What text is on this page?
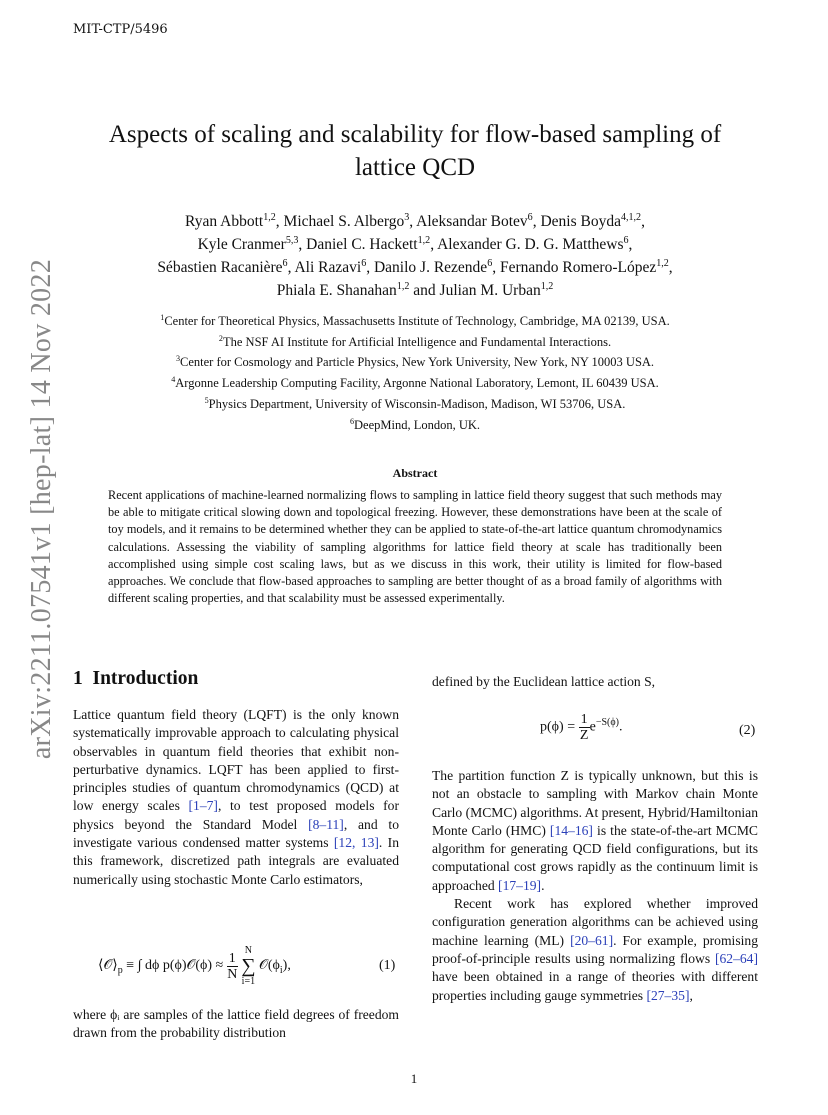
MIT-CTP/5496
arXiv:2211.07541v1 [hep-lat] 14 Nov 2022
Aspects of scaling and scalability for flow-based sampling of lattice QCD
Ryan Abbott$^{1,2}$, Michael S. Albergo$^3$, Aleksandar Botev$^6$, Denis Boyda$^{4,1,2}$,
Kyle Cranmer$^{5,3}$, Daniel C. Hackett$^{1,2}$, Alexander G. D. G. Matthews$^6$,
Sébastien Racanière$^6$, Ali Razavi$^6$, Danilo J. Rezende$^6$, Fernando Romero-López$^{1,2}$,
Phiala E. Shanahan$^{1,2}$ and Julian M. Urban$^{1,2}$
$^1$Center for Theoretical Physics, Massachusetts Institute of Technology, Cambridge, MA 02139, USA.
$^2$The NSF AI Institute for Artificial Intelligence and Fundamental Interactions.
$^3$Center for Cosmology and Particle Physics, New York University, New York, NY 10003 USA.
$^4$Argonne Leadership Computing Facility, Argonne National Laboratory, Lemont, IL 60439 USA.
$^5$Physics Department, University of Wisconsin-Madison, Madison, WI 53706, USA.
$^6$DeepMind, London, UK.
Abstract
Recent applications of machine-learned normalizing flows to sampling in lattice field theory suggest that such methods may be able to mitigate critical slowing down and topological freezing. However, these demonstrations have been at the scale of toy models, and it remains to be determined whether they can be applied to state-of-the-art lattice quantum chromodynamics calculations. Assessing the viability of sampling algorithms for lattice field theory at scale has traditionally been accomplished using simple cost scaling laws, but as we discuss in this work, their utility is limited for flow-based approaches. We conclude that flow-based approaches to sampling are better thought of as a broad family of algorithms with different scaling properties, and that scalability must be assessed experimentally.
1 Introduction
Lattice quantum field theory (LQFT) is the only known systematically improvable approach to calculating physical observables in quantum field theories that exhibit non-perturbative dynamics. LQFT has been applied to first-principles studies of quantum chromodynamics (QCD) at low energy scales [1–7], to test proposed models for physics beyond the Standard Model [8–11], and to investigate various condensed matter systems [12, 13]. In this framework, discretized path integrals are evaluated numerically using stochastic Monte Carlo estimators,
$⟨𝒪⟩_p$ ≡ ∫ dϕ p(ϕ)𝒪(ϕ) ≈ $\frac{1}{N}$
N
∑
i=1
$𝒪(\phi_i)$,	(1)
where ϕᵢ are samples of the lattice field degrees of freedom drawn from the probability distribution
defined by the Euclidean lattice action S,
$p(\phi) = \frac{1}{Z} e^{-S(\phi)}$.	(2)
The partition function Z is typically unknown, but this is not an obstacle to sampling with Markov chain Monte Carlo (MCMC) algorithms. At present, Hybrid/Hamiltonian Monte Carlo (HMC) [14–16] is the state-of-the-art MCMC algorithm for generating QCD field configurations, but its computational cost grows rapidly as the continuum limit is approached [17–19].
Recent work has explored whether improved configuration generation algorithms can be achieved using machine learning (ML) [20–61]. For example, promising proof-of-principle results using normalizing flows [62–64] have been obtained in a range of theories with different properties including gauge symmetries [27–35],
1
